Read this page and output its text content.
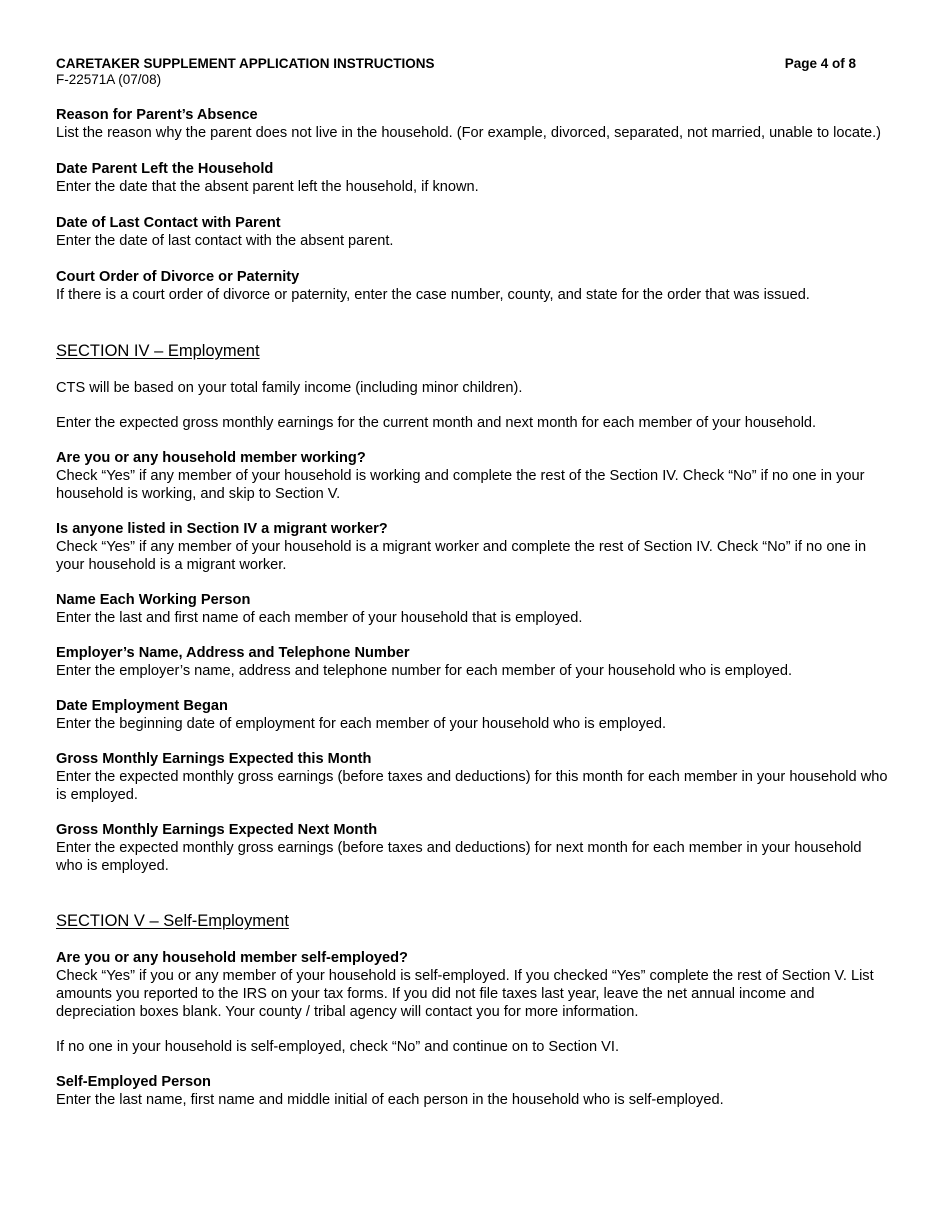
CARETAKER SUPPLEMENT APPLICATION INSTRUCTIONS	Page 4 of 8
F-22571A (07/08)

Reason for Parent’s Absence

List the reason why the parent does not live in the household. (For example, divorced, separated, not married, unable to locate.)

Date Parent Left the Household

Enter the date that the absent parent left the household, if known.

Date of Last Contact with Parent

Enter the date of last contact with the absent parent.

Court Order of Divorce or Paternity

If there is a court order of divorce or paternity, enter the case number, county, and state for the order that was issued.

SECTION IV – Employment

CTS will be based on your total family income (including minor children).

Enter the expected gross monthly earnings for the current month and next month for each member of your household.

Are you or any household member working?

Check “Yes” if any member of your household is working and complete the rest of the Section IV. Check “No” if no one in your household is working, and skip to Section V.

Is anyone listed in Section IV a migrant worker?

Check “Yes” if any member of your household is a migrant worker and complete the rest of Section IV. Check “No” if no one in your household is a migrant worker.

Name Each Working Person

Enter the last and first name of each member of your household that is employed.

Employer’s Name, Address and Telephone Number

Enter the employer’s name, address and telephone number for each member of your household who is employed.

Date Employment Began

Enter the beginning date of employment for each member of your household who is employed.

Gross Monthly Earnings Expected this Month

Enter the expected monthly gross earnings (before taxes and deductions) for this month for each member in your household who is employed.

Gross Monthly Earnings Expected Next Month

Enter the expected monthly gross earnings (before taxes and deductions) for next month for each member in your household who is employed.

SECTION V – Self-Employment

Are you or any household member self-employed?

Check “Yes” if you or any member of your household is self-employed. If you checked “Yes” complete the rest of Section V. List amounts you reported to the IRS on your tax forms. If you did not file taxes last year, leave the net annual income and depreciation boxes blank. Your county / tribal agency will contact you for more information.

If no one in your household is self-employed, check “No” and continue on to Section VI.

Self-Employed Person

Enter the last name, first name and middle initial of each person in the household who is self-employed.
